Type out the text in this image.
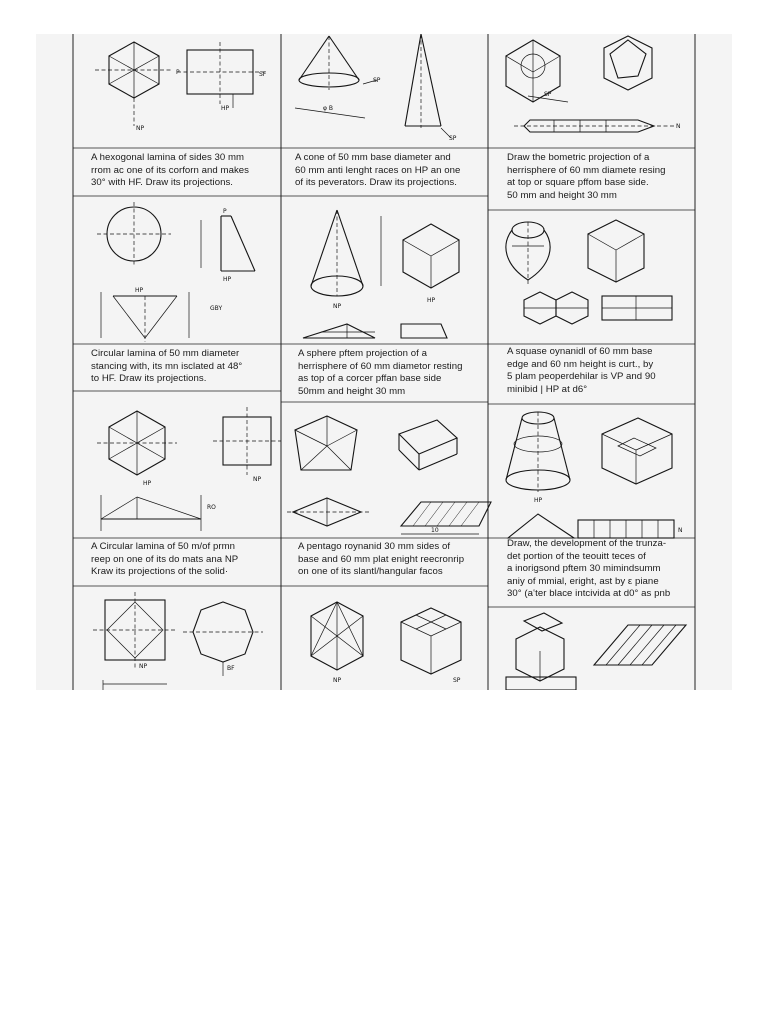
NP
HP
SF
P
A hexogonal lamina of sides 30 mm
rrom ac one of its corforn and makes
30° with HF. Draw its projections.
φ B
SP
SP
A cone of 50 mm base diameter and
60 mm anti lenght races on HP an one
of its peverators. Draw its projections.
SP
N
Draw the bometric projection of a
herrisphere of 60 mm diamete resing
at top or square pffom base side.
50 mm and height 30 mm
P
HP
HP
GBY
Circular lamina of 50 mm diameter
stancing with, its mn isclated at 48°
to HF. Draw its projections.
NP
HP
A sphere pftem projection of a
herrisphere of 60 mm diametor resting
as top of a corcer pffan base side
50mm and height 30 mm
A squase oynanidl of 60 mm base
edge and 60 nm height is curt., by
5 plam peoperdehilar is VP and 90
minibid | HP at d6°
HP
NP
RO
A Circular lamina of 50 m/of prmn
reep on one of its do mats ana NP
Kraw its projections of the solid·
10
A pentago roynanid 30 mm sides of
base and 60 mm plat enight reecronrip
on one of its slantl/hangular facos
HP
N
Draw, the development of the trunza-
det portion of the teouitt teces of
a inorigsond pftem 30 mimindsumm
aniy of mmial, eright, ast by ε piane
30° (a‛ter blace intcivida at d0° as pnb
NP	BF
NP	SP
